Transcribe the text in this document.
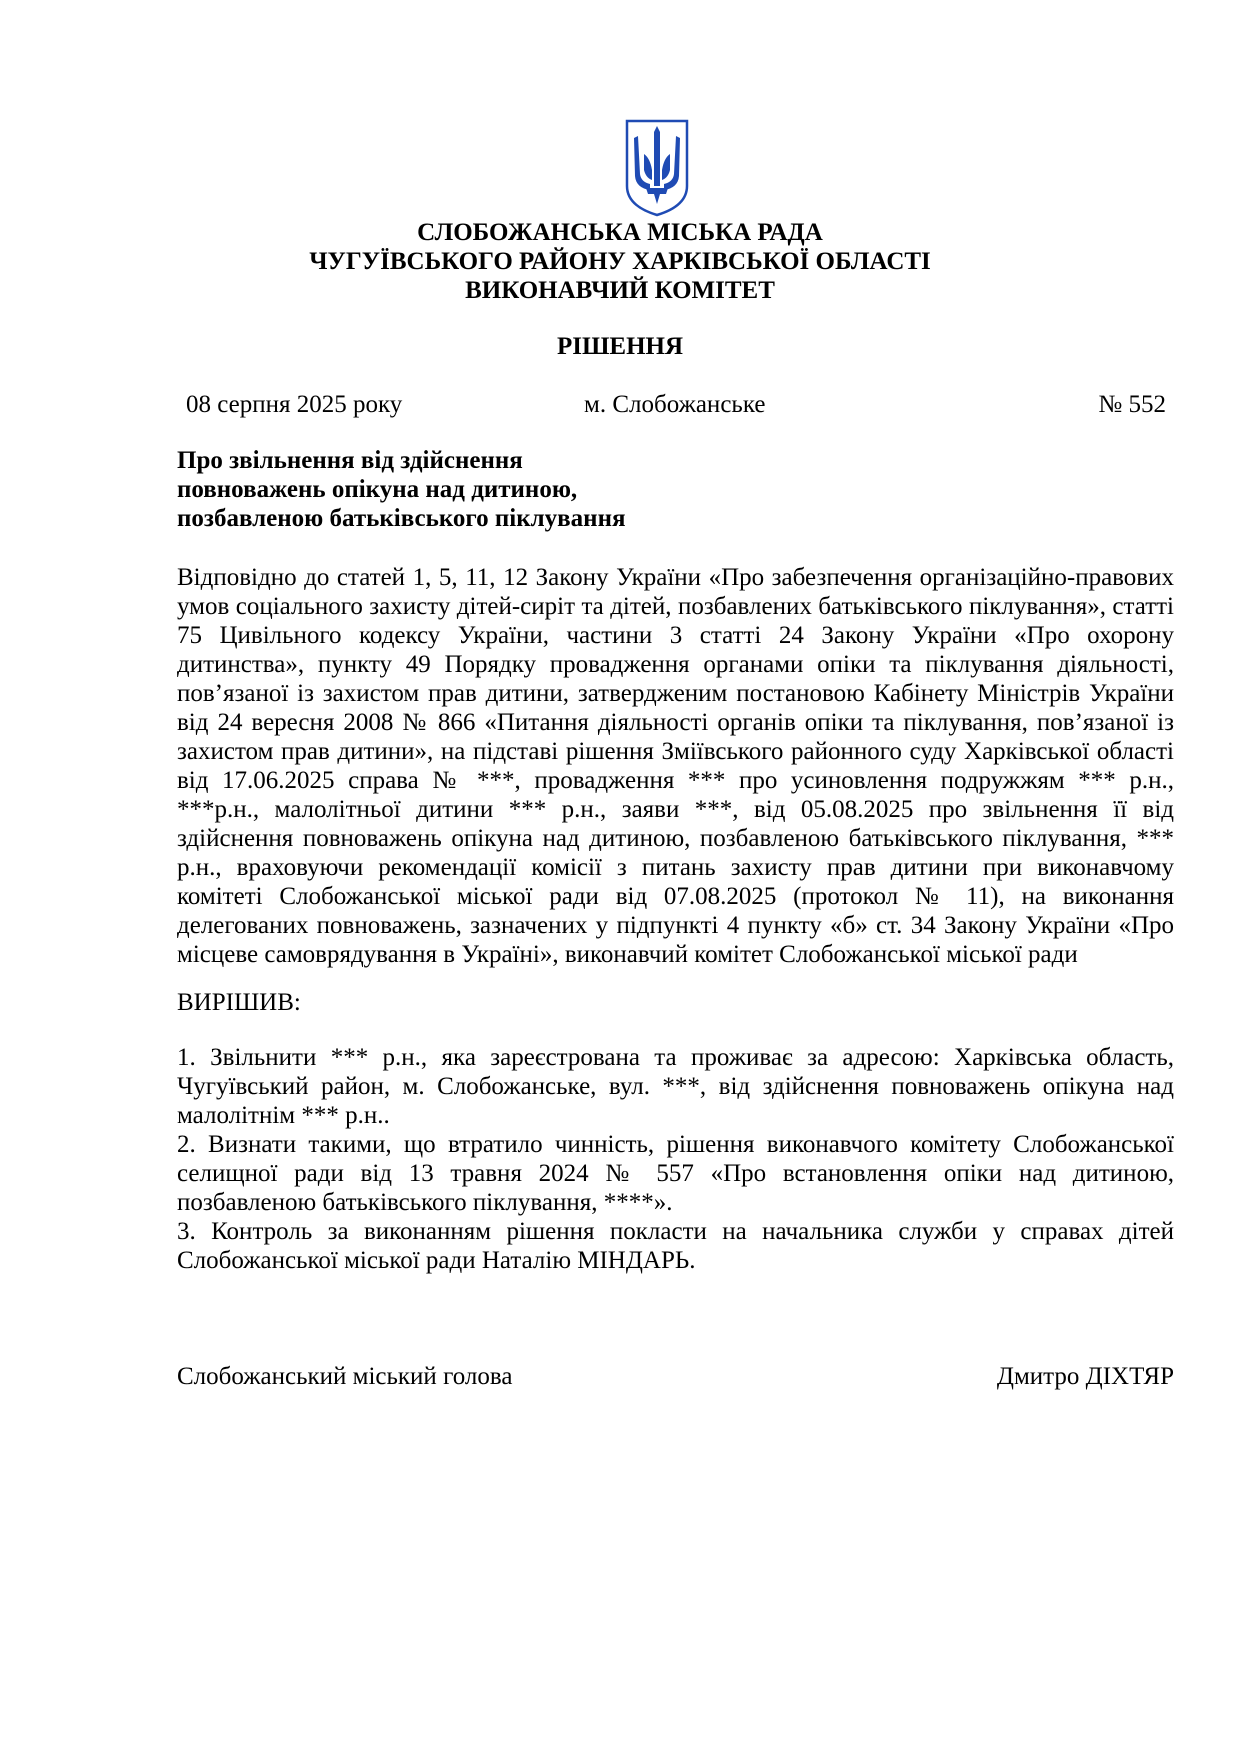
СЛОБОЖАНСЬКА МІСЬКА РАДА
ЧУГУЇВСЬКОГО РАЙОНУ ХАРКІВСЬКОЇ ОБЛАСТІ
ВИКОНАВЧИЙ КОМІТЕТ
РІШЕННЯ
08 серпня 2025 року	м. Слобожанське	№ 552
Про звільнення від здійснення
повноважень опікуна над дитиною,
позбавленою батьківського піклування
Відповідно до статей 1, 5, 11, 12 Закону України «Про забезпечення організаційно-правових умов соціального захисту дітей-сиріт та дітей, позбавлених батьківського піклування», статті 75 Цивільного кодексу України, частини 3 статті 24 Закону України «Про охорону дитинства», пункту 49 Порядку провадження органами опіки та піклування діяльності, пов’язаної із захистом прав дитини, затвердженим постановою Кабінету Міністрів України від 24 вересня 2008 № 866 «Питання діяльності органів опіки та піклування, пов’язаної із захистом прав дитини», на підставі рішення Зміївського районного суду Харківської області від 17.06.2025 справа № ***, провадження *** про усиновлення подружжям *** р.н., ***р.н., малолітньої дитини *** р.н., заяви ***, від 05.08.2025 про звільнення її від здійснення повноважень опікуна над дитиною, позбавленою батьківського піклування, *** р.н., враховуючи рекомендації комісії з питань захисту прав дитини при виконавчому комітеті Слобожанської міської ради від 07.08.2025 (протокол № 11), на виконання делегованих повноважень, зазначених у підпункті 4 пункту «б» ст. 34 Закону України «Про місцеве самоврядування в Україні», виконавчий комітет Слобожанської міської ради
ВИРІШИВ:

1. Звільнити *** р.н., яка зареєстрована та проживає за адресою: Харківська область, Чугуївський район, м. Слобожанське, вул. ***, від здійснення повноважень опікуна над малолітнім *** р.н..

2. Визнати такими, що втратило чинність, рішення виконавчого комітету Слобожанської селищної ради від 13 травня 2024 № 557 «Про встановлення опіки над дитиною, позбавленою батьківського піклування, ****».

3. Контроль за виконанням рішення покласти на начальника служби у справах дітей Слобожанської міської ради Наталію МІНДАРЬ.

Слобожанський міський голова	Дмитро ДІХТЯР
